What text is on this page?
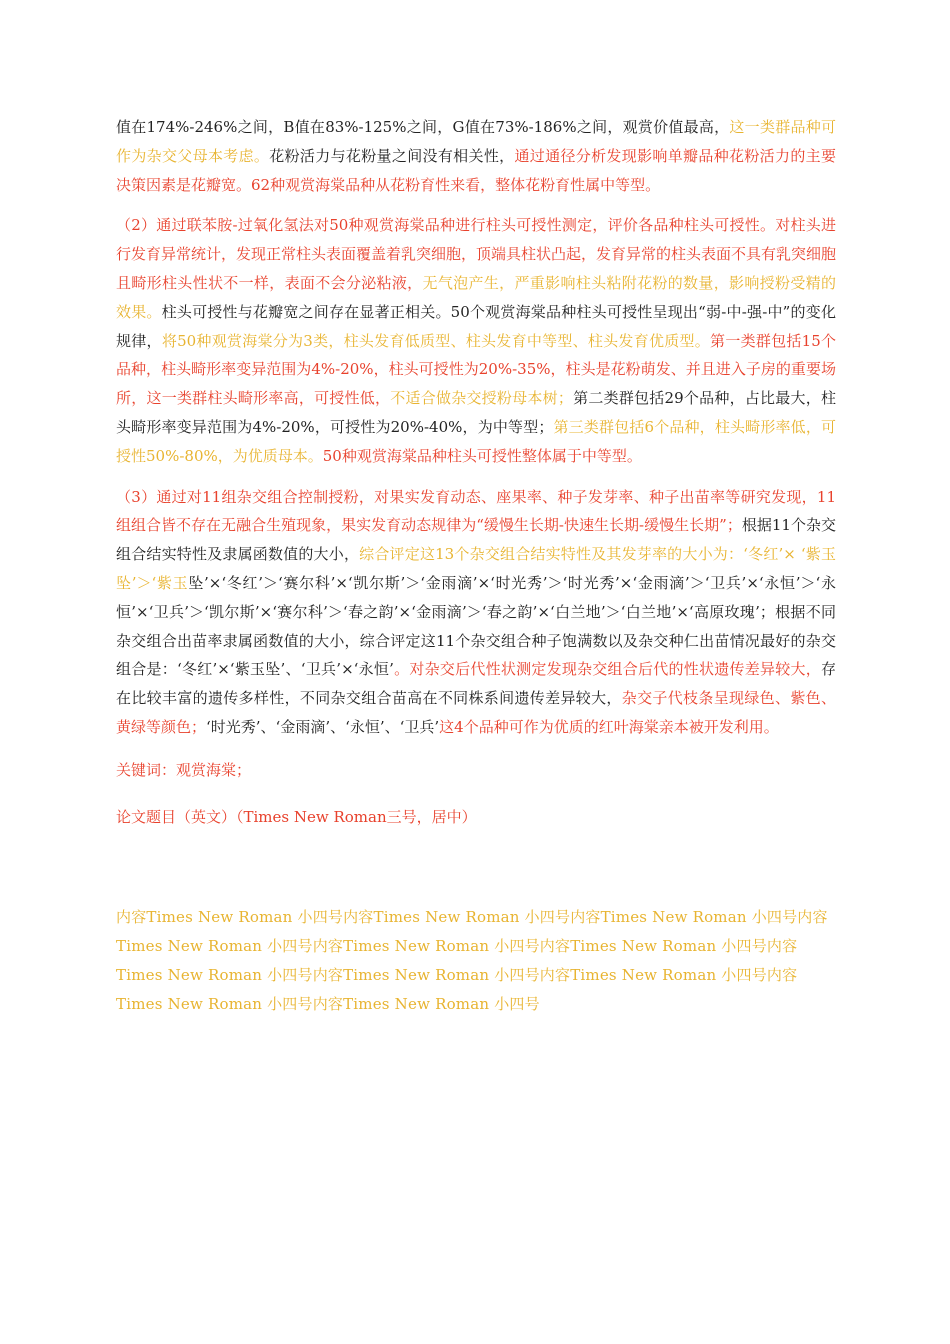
值在174%-246%之间，B值在83%-125%之间，G值在73%-186%之间，观赏价值最高，这一类群品种可作为杂交父母本考虑。花粉活力与花粉量之间没有相关性，通过通径分析发现影响单瓣品种花粉活力的主要决策因素是花瓣宽。62种观赏海棠品种从花粉育性来看，整体花粉育性属中等型。

（2）通过联苯胺-过氧化氢法对50种观赏海棠品种进行柱头可授性测定，评价各品种柱头可授性。对柱头进行发育异常统计，发现正常柱头表面覆盖着乳突细胞，顶端具柱状凸起，发育异常的柱头表面不具有乳突细胞且畸形柱头性状不一样，表面不会分泌粘液，无气泡产生，严重影响柱头粘附花粉的数量，影响授粉受精的效果。柱头可授性与花瓣宽之间存在显著正相关。50个观赏海棠品种柱头可授性呈现出“弱-中-强-中”的变化规律，将50种观赏海棠分为3类，柱头发育低质型、柱头发育中等型、柱头发育优质型。第一类群包括15个品种，柱头畸形率变异范围为4%-20%，柱头可授性为20%-35%，柱头是花粉萌发、并且进入子房的重要场所，这一类群柱头畸形率高，可授性低，不适合做杂交授粉母本树；第二类群包括29个品种，占比最大，柱头畸形率变异范围为4%-20%，可授性为20%-40%，为中等型；第三类群包括6个品种，柱头畸形率低，可授性50%-80%，为优质母本。50种观赏海棠品种柱头可授性整体属于中等型。

（3）通过对11组杂交组合控制授粉，对果实发育动态、座果率、种子发芽率、种子出苗率等研究发现，11组组合皆不存在无融合生殖现象，果实发育动态规律为“缓慢生长期-快速生长期-缓慢生长期”；根据11个杂交组合结实特性及隶属函数值的大小，综合评定这13个杂交组合结实特性及其发芽率的大小为：‘冬红’× ‘紫玉坠’＞‘紫玉坠’×‘冬红’＞‘赛尔科’×‘凯尔斯’＞‘金雨滴’×‘时光秀’＞‘时光秀’×‘金雨滴’＞‘卫兵’×‘永恒’＞‘永恒’×‘卫兵’＞‘凯尔斯’×‘赛尔科’＞‘春之韵’×‘金雨滴’＞‘春之韵’×‘白兰地’＞‘白兰地’×‘高原玫瑰’；根据不同杂交组合出苗率隶属函数值的大小，综合评定这11个杂交组合种子饱满数以及杂交种仁出苗情况最好的杂交组合是：‘冬红’×‘紫玉坠’、‘卫兵’×‘永恒’。对杂交后代性状测定发现杂交组合后代的性状遗传差异较大，存在比较丰富的遗传多样性，不同杂交组合苗高在不同株系间遗传差异较大，杂交子代枝条呈现绿色、紫色、黄绿等颜色；‘时光秀’、‘金雨滴’、‘永恒’、‘卫兵’这4个品种可作为优质的红叶海棠亲本被开发利用。

关键词：观赏海棠；

论文题目（英文）（Times New Roman三号，居中）

内容Times New Roman 小四号内容Times New Roman 小四号内容Times New Roman 小四号内容Times New Roman 小四号内容Times New Roman 小四号内容Times New Roman 小四号内容Times New Roman 小四号内容Times New Roman 小四号内容Times New Roman 小四号内容Times New Roman 小四号内容Times New Roman 小四号
